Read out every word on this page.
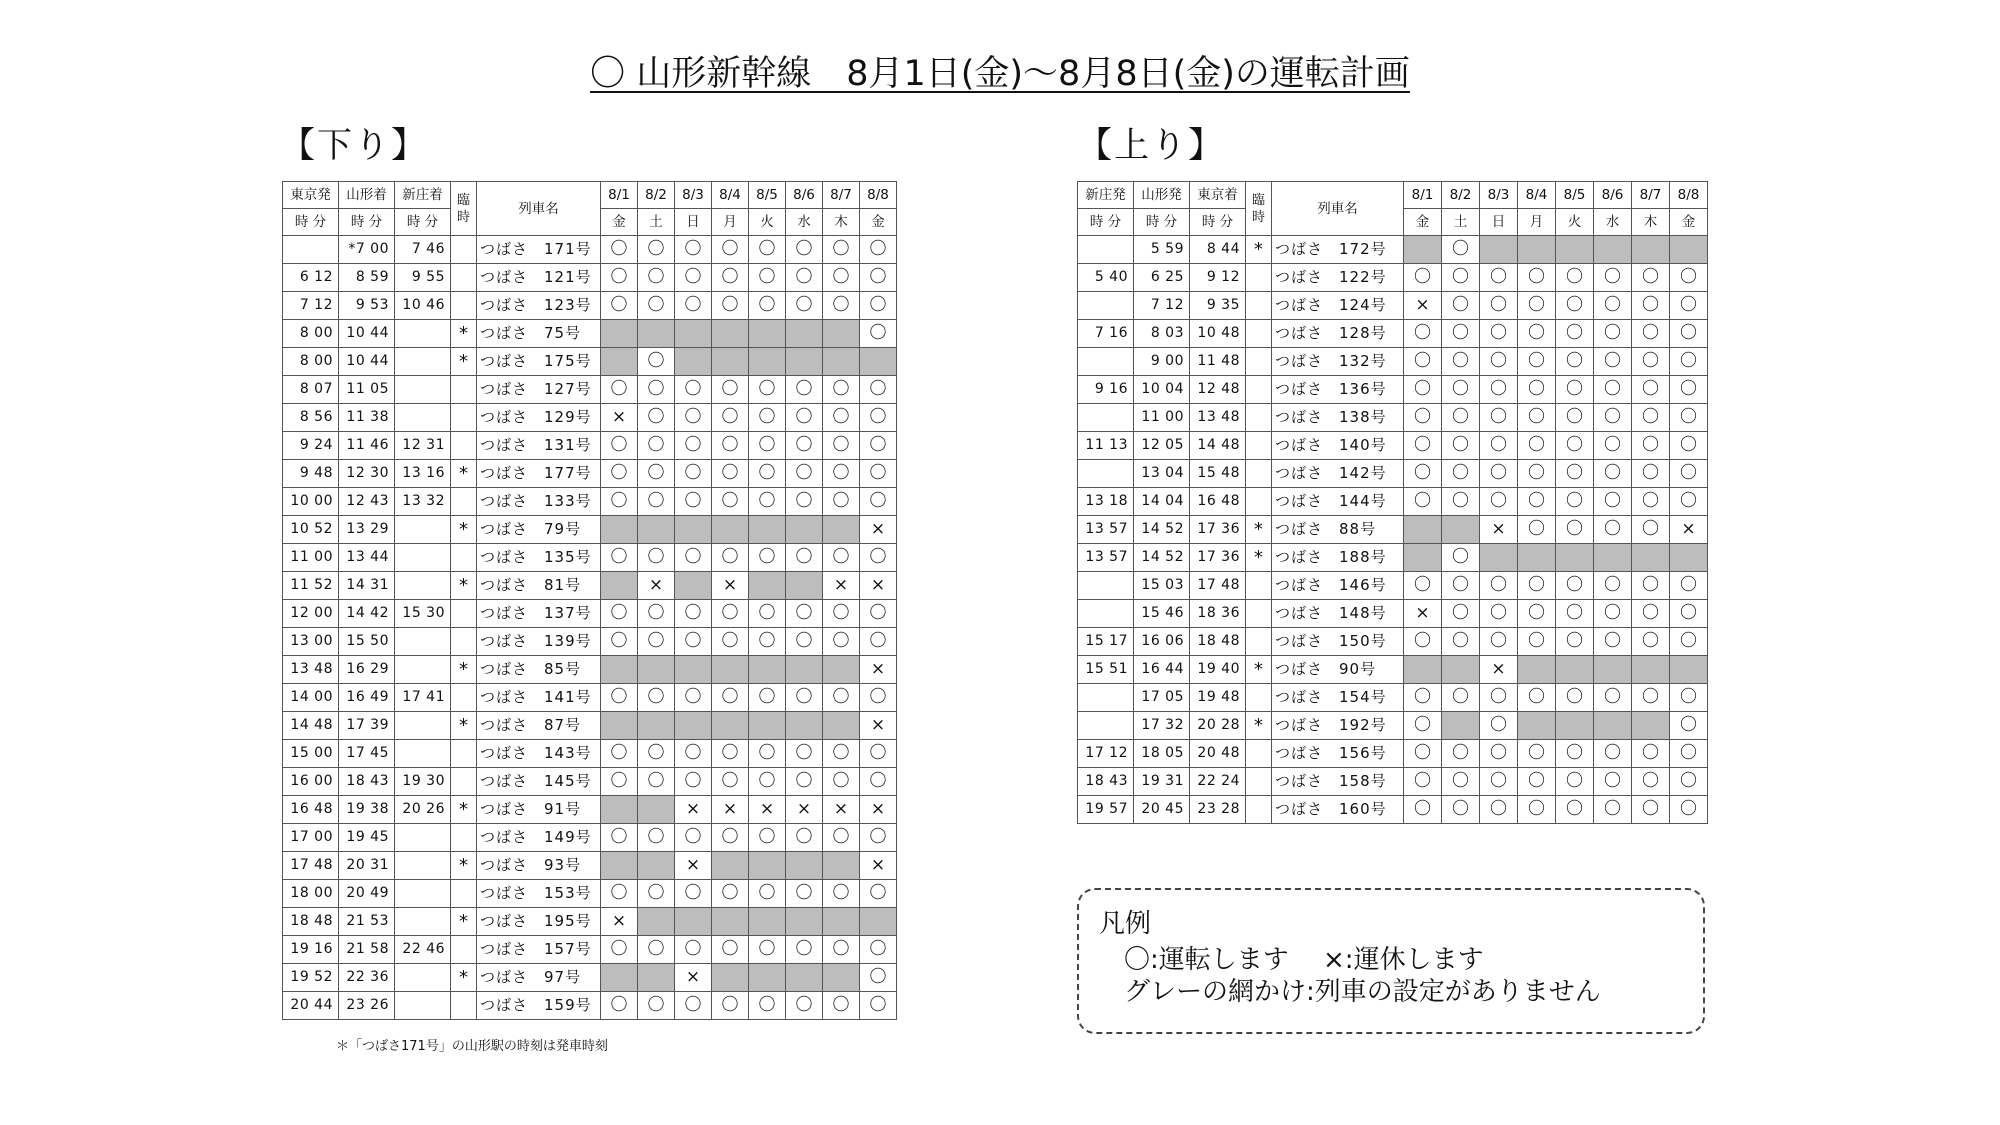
〇 山形新幹線　8月1日(金)～8月8日(金)の運転計画
【下り】	【上り】
東京発	山形着	新庄着	臨時	列車名	8/1	8/2	8/3	8/4	8/5	8/6	8/7	8/8
時 分	時 分	時 分			金	土	日	月	火	水	木	金
	*7 00	7 46		つばさ　171号	〇	〇	〇	〇	〇	〇	〇	〇
6 12	8 59	9 55		つばさ　121号	〇	〇	〇	〇	〇	〇	〇	〇
7 12	9 53	10 46		つばさ　123号	〇	〇	〇	〇	〇	〇	〇	〇
8 00	10 44		*	つばさ　75号								〇
8 00	10 44		*	つばさ　175号		〇						
8 07	11 05			つばさ　127号	〇	〇	〇	〇	〇	〇	〇	〇
8 56	11 38			つばさ　129号	×	〇	〇	〇	〇	〇	〇	〇
9 24	11 46	12 31		つばさ　131号	〇	〇	〇	〇	〇	〇	〇	〇
9 48	12 30	13 16	*	つばさ　177号	〇	〇	〇	〇	〇	〇	〇	〇
10 00	12 43	13 32		つばさ　133号	〇	〇	〇	〇	〇	〇	〇	〇
10 52	13 29		*	つばさ　79号								×
11 00	13 44			つばさ　135号	〇	〇	〇	〇	〇	〇	〇	〇
11 52	14 31		*	つばさ　81号		×		×			×	×
12 00	14 42	15 30		つばさ　137号	〇	〇	〇	〇	〇	〇	〇	〇
13 00	15 50			つばさ　139号	〇	〇	〇	〇	〇	〇	〇	〇
13 48	16 29		*	つばさ　85号								×
14 00	16 49	17 41		つばさ　141号	〇	〇	〇	〇	〇	〇	〇	〇
14 48	17 39		*	つばさ　87号								×
15 00	17 45			つばさ　143号	〇	〇	〇	〇	〇	〇	〇	〇
16 00	18 43	19 30		つばさ　145号	〇	〇	〇	〇	〇	〇	〇	〇
16 48	19 38	20 26	*	つばさ　91号			×	×	×	×	×	×
17 00	19 45			つばさ　149号	〇	〇	〇	〇	〇	〇	〇	〇
17 48	20 31		*	つばさ　93号			×					×
18 00	20 49			つばさ　153号	〇	〇	〇	〇	〇	〇	〇	〇
18 48	21 53		*	つばさ　195号	×							
19 16	21 58	22 46		つばさ　157号	〇	〇	〇	〇	〇	〇	〇	〇
19 52	22 36		*	つばさ　97号			×					〇
20 44	23 26			つばさ　159号	〇	〇	〇	〇	〇	〇	〇	〇
＊「つばさ171号」の山形駅の時刻は発車時刻
新庄発	山形発	東京着	臨時	列車名	8/1	8/2	8/3	8/4	8/5	8/6	8/7	8/8
時 分	時 分	時 分			金	土	日	月	火	水	木	金
	5 59	8 44	*	つばさ　172号		〇						
5 40	6 25	9 12		つばさ　122号	〇	〇	〇	〇	〇	〇	〇	〇
	7 12	9 35		つばさ　124号	×	〇	〇	〇	〇	〇	〇	〇
7 16	8 03	10 48		つばさ　128号	〇	〇	〇	〇	〇	〇	〇	〇
	9 00	11 48		つばさ　132号	〇	〇	〇	〇	〇	〇	〇	〇
9 16	10 04	12 48		つばさ　136号	〇	〇	〇	〇	〇	〇	〇	〇
	11 00	13 48		つばさ　138号	〇	〇	〇	〇	〇	〇	〇	〇
11 13	12 05	14 48		つばさ　140号	〇	〇	〇	〇	〇	〇	〇	〇
	13 04	15 48		つばさ　142号	〇	〇	〇	〇	〇	〇	〇	〇
13 18	14 04	16 48		つばさ　144号	〇	〇	〇	〇	〇	〇	〇	〇
13 57	14 52	17 36	*	つばさ　88号			×	〇	〇	〇	〇	×
13 57	14 52	17 36	*	つばさ　188号		〇						
	15 03	17 48		つばさ　146号	〇	〇	〇	〇	〇	〇	〇	〇
	15 46	18 36		つばさ　148号	×	〇	〇	〇	〇	〇	〇	〇
15 17	16 06	18 48		つばさ　150号	〇	〇	〇	〇	〇	〇	〇	〇
15 51	16 44	19 40	*	つばさ　90号			×					
	17 05	19 48		つばさ　154号	〇	〇	〇	〇	〇	〇	〇	〇
	17 32	20 28	*	つばさ　192号	〇		〇					〇
17 12	18 05	20 48		つばさ　156号	〇	〇	〇	〇	〇	〇	〇	〇
18 43	19 31	22 24		つばさ　158号	〇	〇	〇	〇	〇	〇	〇	〇
19 57	20 45	23 28		つばさ　160号	〇	〇	〇	〇	〇	〇	〇	〇
凡例
〇:運転します　 ×:運休します
グレーの網かけ:列車の設定がありません
